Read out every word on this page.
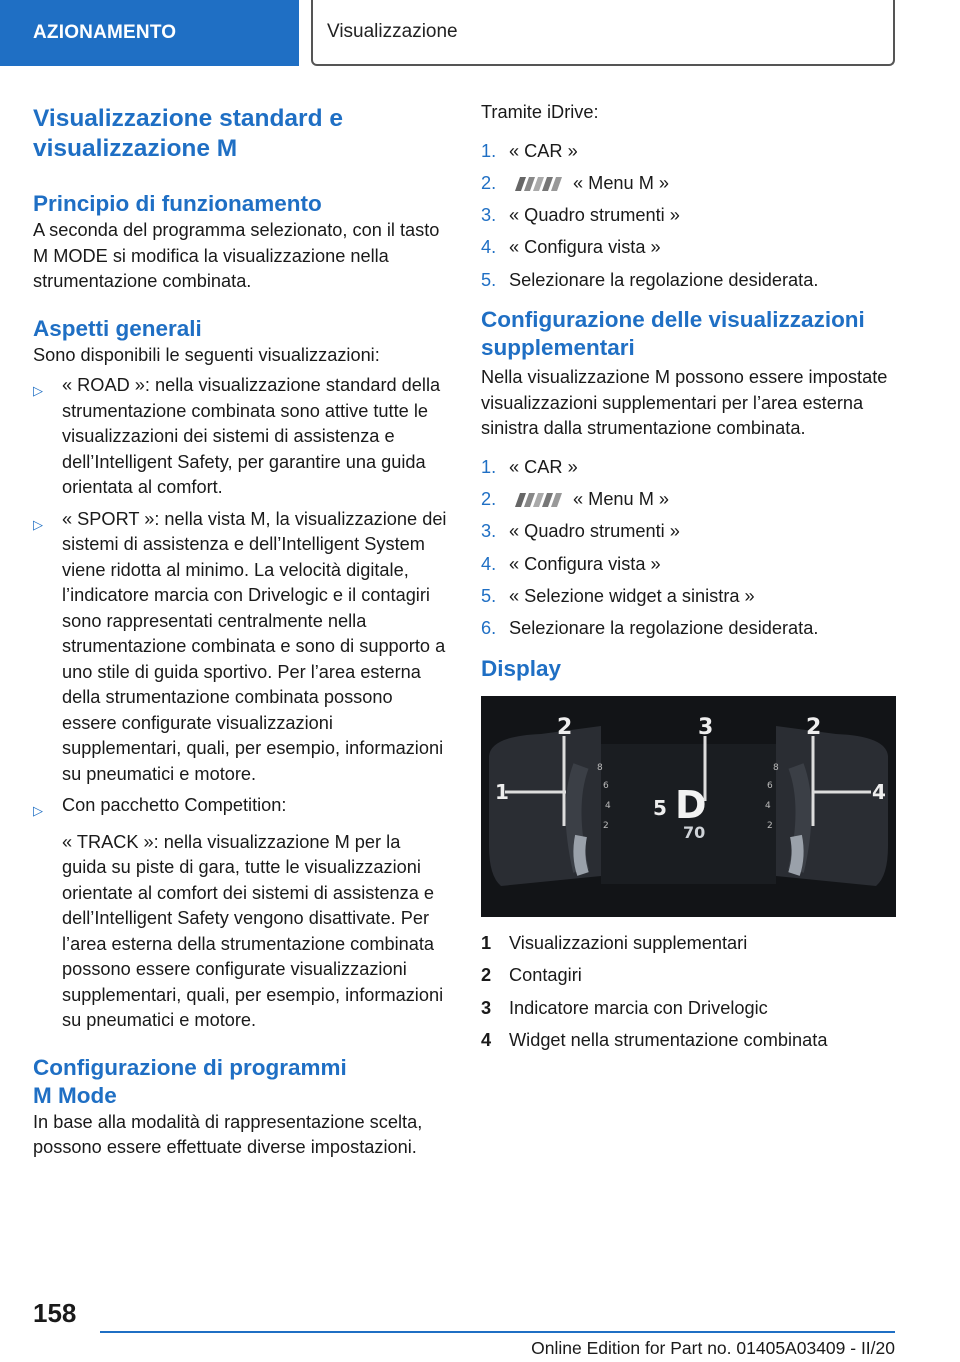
AZIONAMENTO	Visualizzazione
Visualizzazione standard e visualizzazione M
Principio di funzionamento

A seconda del programma selezionato, con il tasto M MODE si modifica la visualizzazione nella strumentazione combinata.

Aspetti generali

Sono disponibili le seguenti visualizzazioni:

▷	« ROAD »: nella visualizzazione standard della strumentazione combinata sono attive tutte le visualizzazioni dei sistemi di assistenza e dell’Intelligent Safety, per garantire una guida orientata al comfort.
▷	« SPORT »: nella vista M, la visualizzazione dei sistemi di assistenza e dell’Intelligent System viene ridotta al minimo. La velocità digitale, l’indicatore marcia con Drivelogic e il contagiri sono rappresentati centralmente nella strumentazione combinata e sono di supporto a uno stile di guida sportivo. Per l’area esterna della strumentazione combinata possono essere configurate visualizzazioni supplementari, quali, per esempio, informazioni su pneumatici e motore.
▷	Con pacchetto Competition:

« TRACK »: nella visualizzazione M per la guida su piste di gara, tutte le visualizzazioni orientate al comfort dei sistemi di assistenza e dell’Intelligent Safety vengono disattivate. Per l’area esterna della strumentazione combinata possono essere configurate visualizzazioni supplementari, quali, per esempio, informazioni su pneumatici e motore.

Configurazione di programmi
M Mode

In base alla modalità di rappresentazione scelta, possono essere effettuate diverse impostazioni.

Tramite iDrive:

1. « CAR »
2.	« Menu M »
3. « Quadro strumenti »
4. « Configura vista »
5. Selezionare la regolazione desiderata.
Configurazione delle visualizzazioni supplementari

Nella visualizzazione M possono essere impostate visualizzazioni supplementari per l’area esterna sinistra dalla strumentazione combinata.

1. « CAR »
2.	« Menu M »
3. « Quadro strumenti »
4. « Configura vista »
5. « Selezione widget a sinistra »
6. Selezionare la regolazione desiderata.
Display
1
2	3	2
4
5 D
70
8
6
4
2
8
6
4
2
1 Visualizzazioni supplementari
2 Contagiri
3 Indicatore marcia con Drivelogic
4 Widget nella strumentazione combinata
158
Online Edition for Part no. 01405A03409 - II/20
